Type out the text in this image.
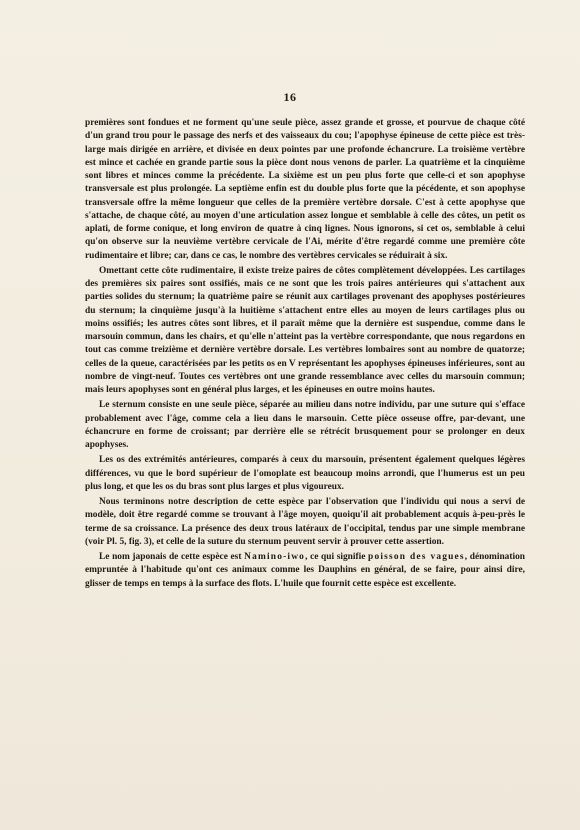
16

premières sont fondues et ne forment qu'une seule pièce, assez grande et grosse, et pourvue de chaque côté d'un grand trou pour le passage des nerfs et des vaisseaux du cou; l'apophyse épineuse de cette pièce est très-large mais dirigée en arrière, et divisée en deux pointes par une profonde échancrure. La troisième vertèbre est mince et cachée en grande partie sous la pièce dont nous venons de parler. La quatrième et la cinquième sont libres et minces comme la précédente. La sixième est un peu plus forte que celle-ci et son apophyse transversale est plus prolongée. La septième enfin est du double plus forte que la pécédente, et son apophyse transversale offre la même longueur que celles de la première vertèbre dorsale. C'est à cette apophyse que s'attache, de chaque côté, au moyen d'une articulation assez longue et semblable à celle des côtes, un petit os aplati, de forme conique, et long environ de quatre à cinq lignes. Nous ignorons, si cet os, semblable à celui qu'on observe sur la neuvième vertèbre cervicale de l'Ai, mérite d'être regardé comme une première côte rudimentaire et libre; car, dans ce cas, le nombre des vertèbres cervicales se réduirait à six.

Omettant cette côte rudimentaire, il existe treize paires de côtes complètement développées. Les cartilages des premières six paires sont ossifiés, mais ce ne sont que les trois paires antérieures qui s'attachent aux parties solides du sternum; la quatrième paire se réunit aux cartilages provenant des apophyses postérieures du sternum; la cinquième jusqu'à la huitième s'attachent entre elles au moyen de leurs cartilages plus ou moins ossifiés; les autres côtes sont libres, et il paraît même que la dernière est suspendue, comme dans le marsouin commun, dans les chairs, et qu'elle n'atteint pas la vertèbre correspondante, que nous regardons en tout cas comme treizième et dernière vertèbre dorsale. Les vertèbres lombaires sont au nombre de quatorze; celles de la queue, caractérisées par les petits os en V représentant les apophyses épineuses inférieures, sont au nombre de vingt-neuf. Toutes ces vertèbres ont une grande ressemblance avec celles du marsouin commun; mais leurs apophyses sont en général plus larges, et les épineuses en outre moins hautes.

Le sternum consiste en une seule pièce, séparée au milieu dans notre individu, par une suture qui s'efface probablement avec l'âge, comme cela a lieu dans le marsouin. Cette pièce osseuse offre, par-devant, une échancrure en forme de croissant; par derrière elle se rétrécit brusquement pour se prolonger en deux apophyses.

Les os des extrémités antérieures, comparés à ceux du marsouin, présentent également quelques légères différences, vu que le bord supérieur de l'omoplate est beaucoup moins arrondi, que l'humerus est un peu plus long, et que les os du bras sont plus larges et plus vigoureux.

Nous terminons notre description de cette espèce par l'observation que l'individu qui nous a servi de modèle, doit être regardé comme se trouvant à l'âge moyen, quoiqu'il ait probablement acquis à-peu-près le terme de sa croissance. La présence des deux trous latéraux de l'occipital, tendus par une simple membrane (voir Pl. 5, fig. 3), et celle de la suture du sternum peuvent servir à prouver cette assertion.

Le nom japonais de cette espèce est Namino-iwo, ce qui signifie poisson des vagues, dénomination empruntée à l'habitude qu'ont ces animaux comme les Dauphins en général, de se faire, pour ainsi dire, glisser de temps en temps à la surface des flots. L'huile que fournit cette espèce est excellente.
